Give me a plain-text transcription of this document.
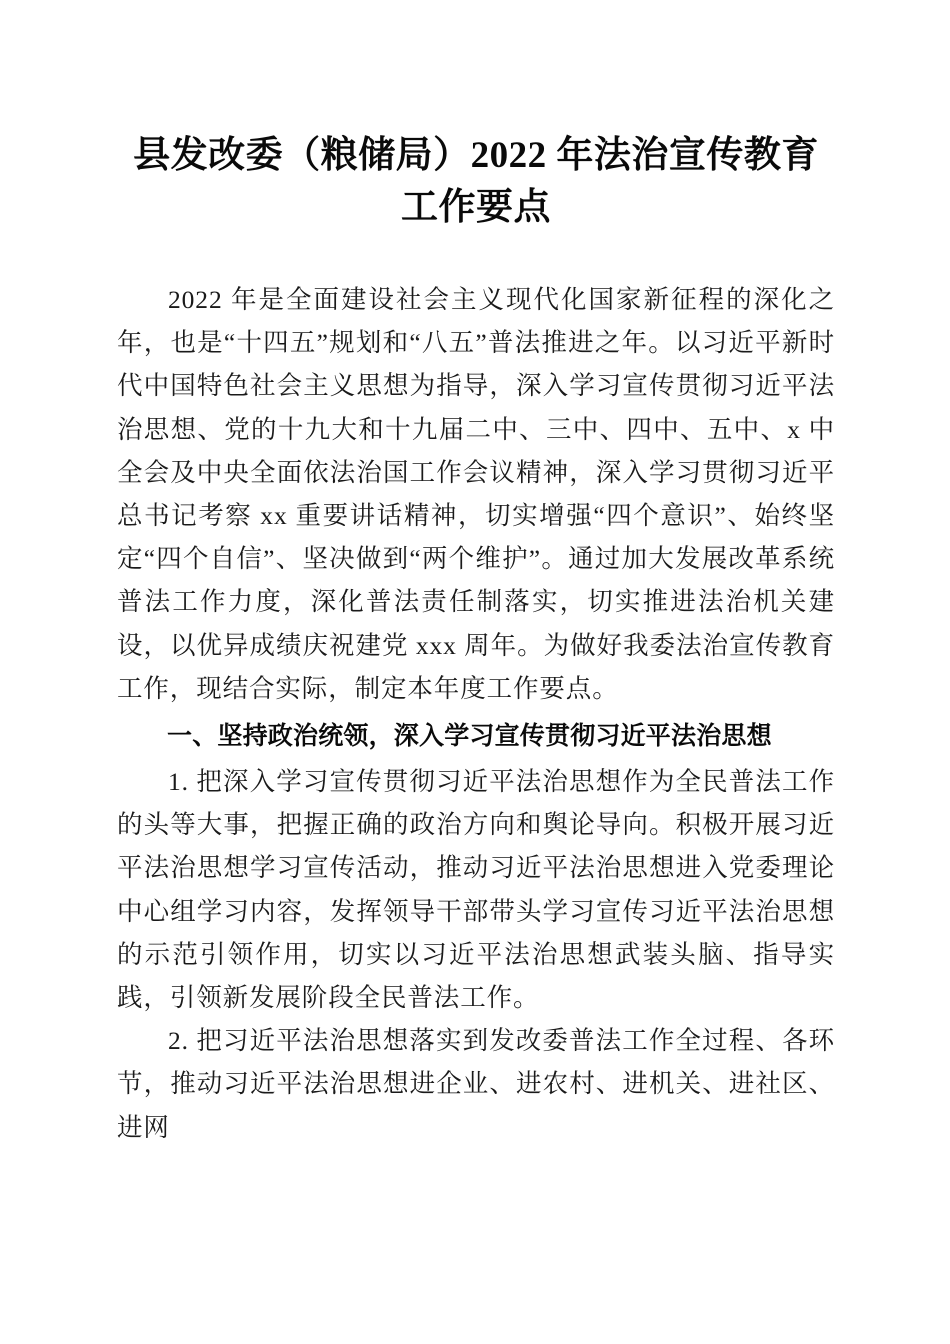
县发改委（粮储局）2022 年法治宣传教育工作要点

2022 年是全面建设社会主义现代化国家新征程的深化之年，也是“十四五”规划和“八五”普法推进之年。以习近平新时代中国特色社会主义思想为指导，深入学习宣传贯彻习近平法治思想、党的十九大和十九届二中、三中、四中、五中、x 中全会及中央全面依法治国工作会议精神，深入学习贯彻习近平总书记考察 xx 重要讲话精神，切实增强“四个意识”、始终坚定“四个自信”、坚决做到“两个维护”。通过加大发展改革系统普法工作力度，深化普法责任制落实，切实推进法治机关建设，以优异成绩庆祝建党 xxx 周年。为做好我委法治宣传教育工作，现结合实际，制定本年度工作要点。

一、坚持政治统领，深入学习宣传贯彻习近平法治思想

1. 把深入学习宣传贯彻习近平法治思想作为全民普法工作的头等大事，把握正确的政治方向和舆论导向。积极开展习近平法治思想学习宣传活动，推动习近平法治思想进入党委理论中心组学习内容，发挥领导干部带头学习宣传习近平法治思想的示范引领作用，切实以习近平法治思想武装头脑、指导实践，引领新发展阶段全民普法工作。

2. 把习近平法治思想落实到发改委普法工作全过程、各环节，推动习近平法治思想进企业、进农村、进机关、进社区、进网
